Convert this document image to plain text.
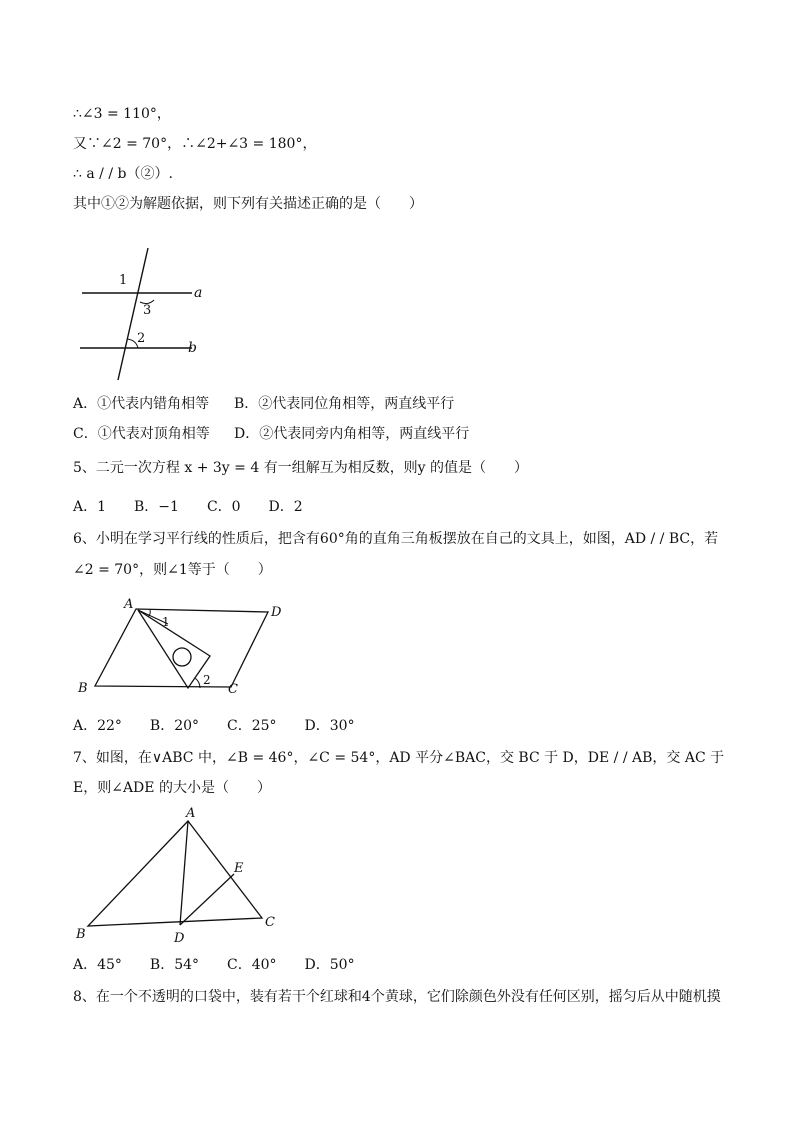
∴∠3 = 110°，
又∵∠2 = 70°，∴∠2+∠3 = 180°，
∴ a / / b（②）.
其中①②为解题依据，则下列有关描述正确的是（　　）
1
3
2
a
b
A．①代表内错角相等 B．②代表同位角相等，两直线平行
C．①代表对顶角相等 D．②代表同旁内角相等，两直线平行
5、二元一次方程 x + 3y = 4 有一组解互为相反数，则y 的值是（　　）
A．1　　B．−1　　C．0　　D．2
6、小明在学习平行线的性质后，把含有60°角的直角三角板摆放在自己的文具上，如图，AD / / BC，若
∠2 = 70°，则∠1等于（　　）
A
D
B	C
1
2
A．22°　　B．20°　　C．25°　　D．30°
7、如图，在∨ABC 中，∠B = 46°，∠C = 54°，AD 平分∠BAC，交 BC 于 D，DE / / AB，交 AC 于
E，则∠ADE 的大小是（　　）
A
B
C
D
E
A．45°　　B．54°　　C．40°　　D．50°
8、在一个不透明的口袋中，装有若干个红球和4个黄球，它们除颜色外没有任何区别，摇匀后从中随机摸
